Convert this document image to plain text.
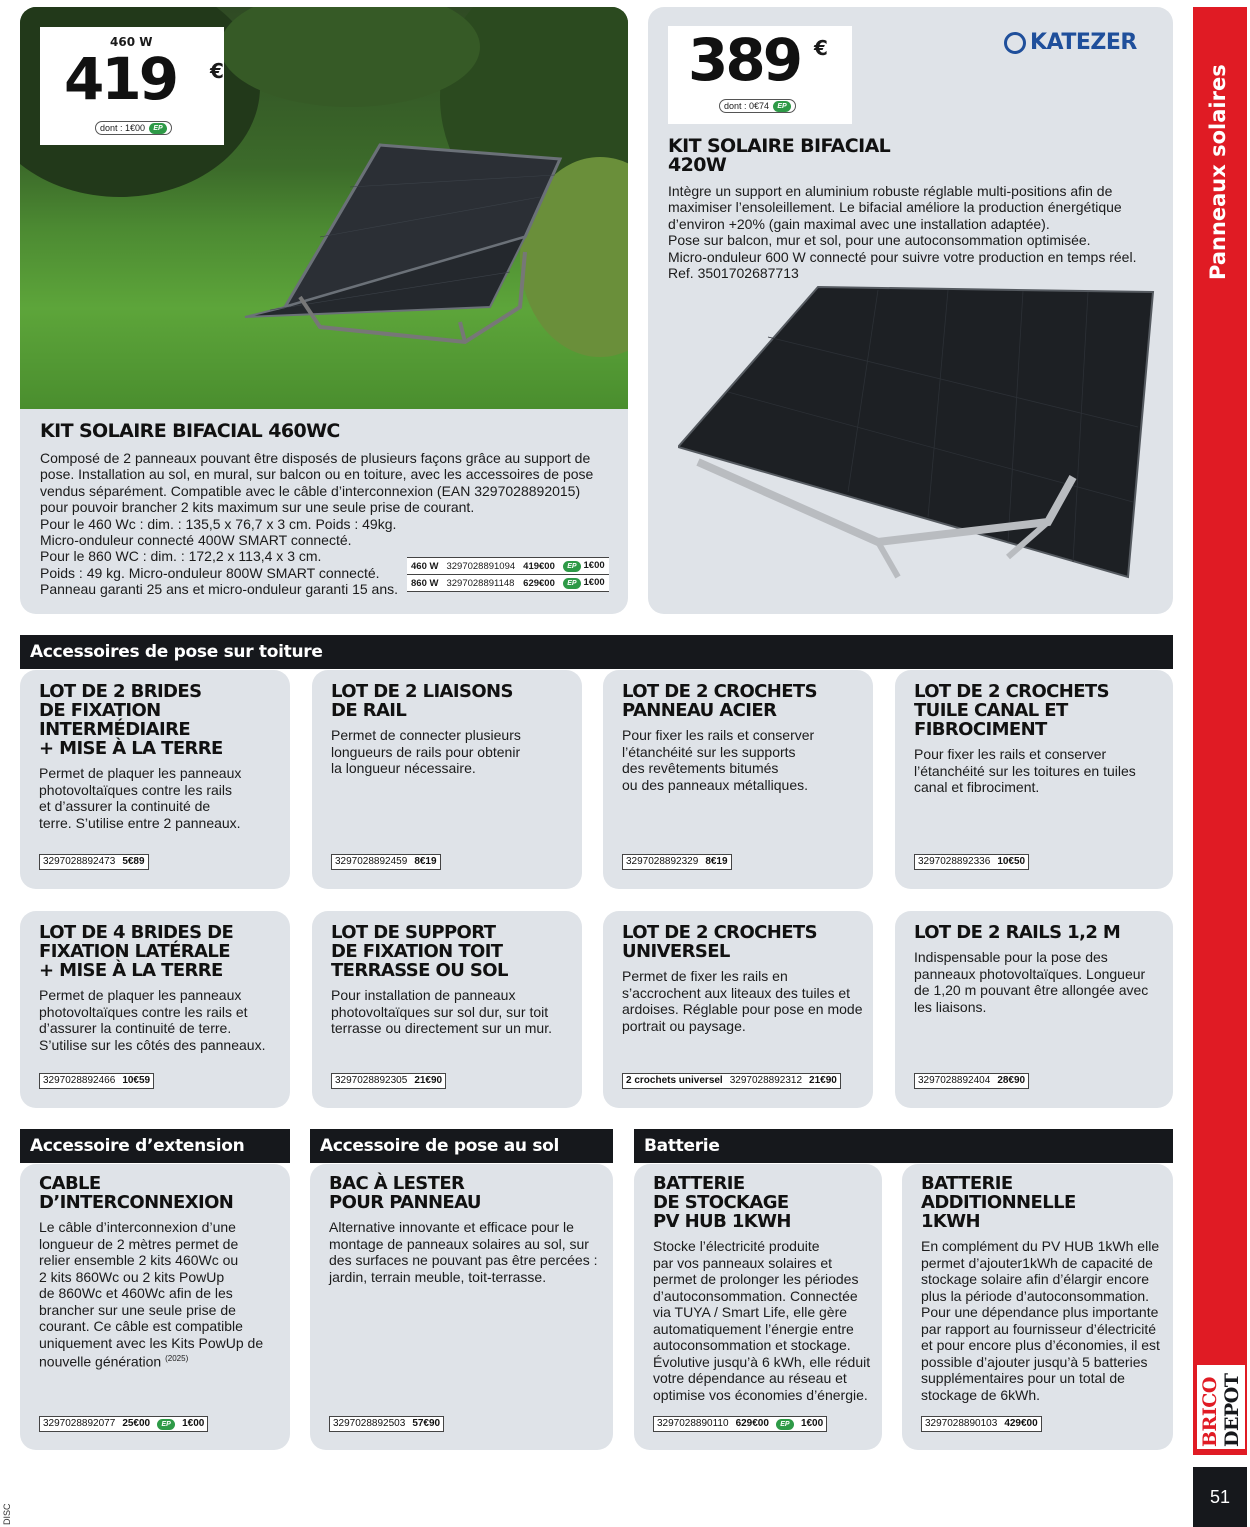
460 W
419 €
dont : 1€00	EP
KIT SOLAIRE BIFACIAL 460WC
Composé de 2 panneaux pouvant être disposés de plusieurs façons grâce au support de
pose. Installation au sol, en mural, sur balcon ou en toiture, avec les accessoires de pose
vendus séparément. Compatible avec le câble d’interconnexion (EAN 3297028892015)
pour pouvoir brancher 2 kits maximum sur une seule prise de courant.
Pour le 460 Wc : dim. : 135,5 x 76,7 x 3 cm. Poids : 49kg.
Micro-onduleur connecté 400W SMART connecté.
Pour le 860 WC : dim. : 172,2 x 113,4 x 3 cm.
Poids : 49 kg. Micro-onduleur 800W SMART connecté.
Panneau garanti 25 ans et micro-onduleur garanti 15 ans.
460 W	3297028891094	419€00	EP 1€00
860 W	3297028891148	629€00	EP 1€00
389 €
dont : 0€74	EP
KATEZER
KIT SOLAIRE BIFACIAL
420W
Intègre un support en aluminium robuste réglable multi-positions afin de
maximiser l’ensoleillement. Le bifacial améliore la production énergétique
d’environ +20% (gain maximal avec une installation adaptée).
Pose sur balcon, mur et sol, pour une autoconsommation optimisée.
Micro-onduleur 600 W connecté pour suivre votre production en temps réel.
Ref. 3501702687713
Accessoires de pose sur toiture
LOT DE 2 BRIDES
DE FIXATION
INTERMÉDIAIRE
+ MISE À LA TERRE
Permet de plaquer les panneaux
photovoltaïques contre les rails
et d’assurer la continuité de
terre. S’utilise entre 2 panneaux.
3297028892473 5€89
LOT DE 2 LIAISONS
DE RAIL
Permet de connecter plusieurs
longueurs de rails pour obtenir
la longueur nécessaire.
3297028892459 8€19
LOT DE 2 CROCHETS
PANNEAU ACIER
Pour fixer les rails et conserver
l’étanchéité sur les supports
des revêtements bitumés
ou des panneaux métalliques.
3297028892329 8€19
LOT DE 2 CROCHETS
TUILE CANAL ET
FIBROCIMENT
Pour fixer les rails et conserver
l’étanchéité sur les toitures en tuiles
canal et fibrociment.
3297028892336 10€50
LOT DE 4 BRIDES DE
FIXATION LATÉRALE
+ MISE À LA TERRE
Permet de plaquer les panneaux
photovoltaïques contre les rails et
d’assurer la continuité de terre.
S’utilise sur les côtés des panneaux.
3297028892466 10€59
LOT DE SUPPORT
DE FIXATION TOIT
TERRASSE OU SOL
Pour installation de panneaux
photovoltaïques sur sol dur, sur toit
terrasse ou directement sur un mur.
3297028892305 21€90
LOT DE 2 CROCHETS
UNIVERSEL
Permet de fixer les rails en
s’accrochent aux liteaux des tuiles et
ardoises. Réglable pour pose en mode
portrait ou paysage.
2 crochets universel 3297028892312 21€90
LOT DE 2 RAILS 1,2 M
Indispensable pour la pose des
panneaux photovoltaïques. Longueur
de 1,20 m pouvant être allongée avec
les liaisons.
3297028892404 28€90
Accessoire d’extension	Accessoire de pose au sol	Batterie
CABLE
D’INTERCONNEXION
Le câble d’interconnexion d’une
longueur de 2 mètres permet de
relier ensemble 2 kits 460Wc ou
2 kits 860Wc ou 2 kits PowUp
de 860Wc et 460Wc afin de les
brancher sur une seule prise de
courant. Ce câble est compatible
uniquement avec les Kits PowUp de
nouvelle génération $^{(2025)}$
3297028892077 25€00	EP	1€00
BAC À LESTER
POUR PANNEAU
Alternative innovante et efficace pour le
montage de panneaux solaires au sol, sur
des surfaces ne pouvant pas être percées :
jardin, terrain meuble, toit-terrasse.
3297028892503 57€90
BATTERIE
DE STOCKAGE
PV HUB 1KWH
Stocke l’électricité produite
par vos panneaux solaires et
permet de prolonger les périodes
d’autoconsommation. Connectée
via TUYA / Smart Life, elle gère
automatiquement l’énergie entre
autoconsommation et stockage.
Évolutive jusqu’à 6 kWh, elle réduit
votre dépendance au réseau et
optimise vos économies d’énergie.
3297028890110 629€00	EP	1€00
BATTERIE
ADDITIONNELLE
1KWH
En complément du PV HUB 1kWh elle
permet d’ajouter1kWh de capacité de
stockage solaire afin d’élargir encore
plus la période d’autoconsommation.
Pour une dépendance plus importante
par rapport au fournisseur d’électricité
et pour encore plus d’économies, il est
possible d’ajouter jusqu’à 5 batteries
supplémentaires pour un total de
stockage de 6kWh.
3297028890103 429€00	BRICO DEPOT
51
DISC
